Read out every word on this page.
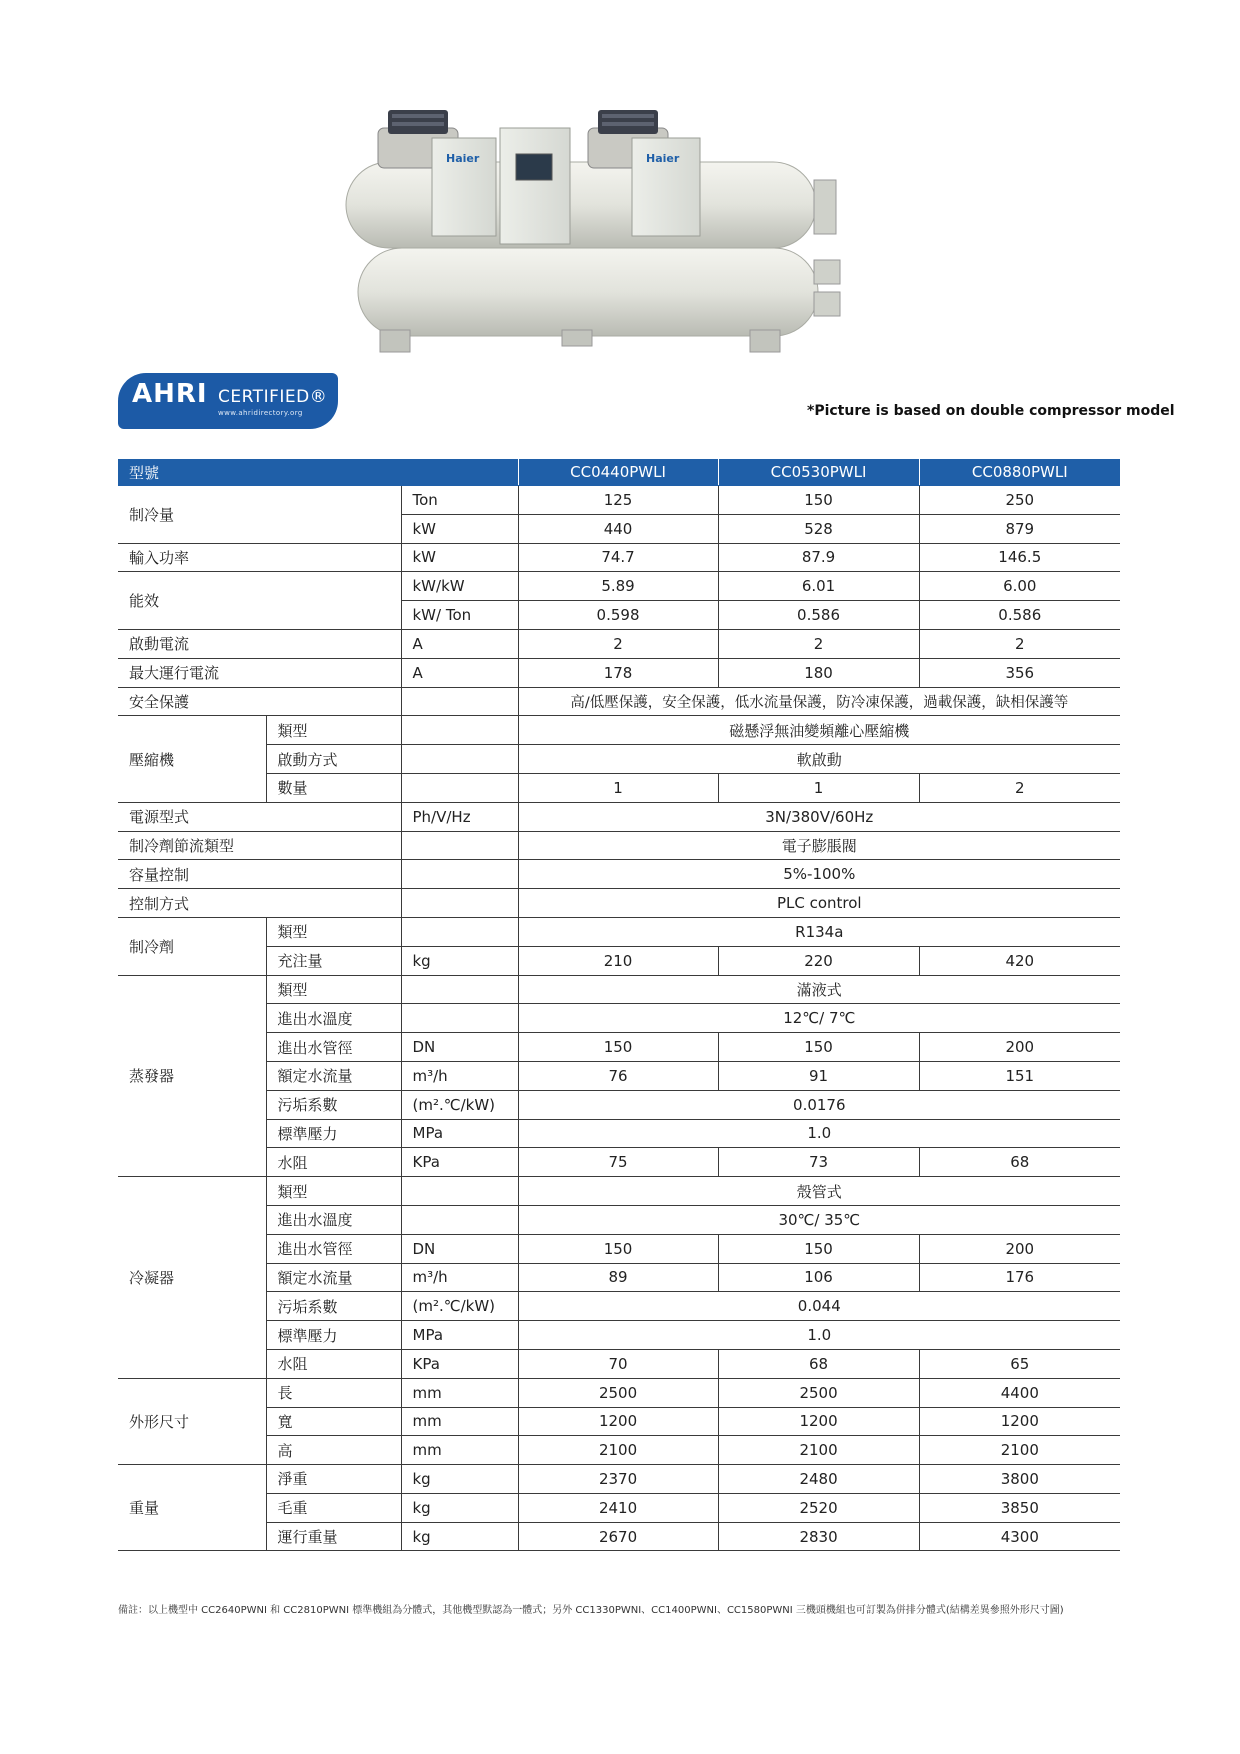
Haier	Haier
AHRI CERTIFIED®
www.ahridirectory.org	*Picture is based on double compressor model
型號			CC0440PWLI	CC0530PWLI	CC0880PWLI
制冷量		Ton	125	150	250
		kW	440	528	879
輸入功率		kW	74.7	87.9	146.5
能效		kW/kW	5.89	6.01	6.00
		kW/ Ton	0.598	0.586	0.586
啟動電流		A	2	2	2
最大運行電流		A	178	180	356
安全保護			高/低壓保護，安全保護，低水流量保護，防冷凍保護，過載保護，缺相保護等		
壓縮機	類型		磁懸浮無油變頻離心壓縮機		
	啟動方式		軟啟動		
	數量		1	1	2
電源型式		Ph/V/Hz	3N/380V/60Hz		
制冷劑節流類型			電子膨脹閥		
容量控制			5%-100%		
控制方式			PLC control		
制冷劑	類型		R134a		
	充注量	kg	210	220	420
蒸發器	類型		滿液式		
	進出水溫度		12℃/ 7℃		
	進出水管徑	DN	150	150	200
	額定水流量	m³/h	76	91	151
	污垢系數	(m².℃/kW)	0.0176		
	標準壓力	MPa	1.0		
	水阻	KPa	75	73	68
冷凝器	類型		殼管式		
	進出水溫度		30℃/ 35℃		
	進出水管徑	DN	150	150	200
	額定水流量	m³/h	89	106	176
	污垢系數	(m².℃/kW)	0.044		
	標準壓力	MPa	1.0		
	水阻	KPa	70	68	65
外形尺寸	長	mm	2500	2500	4400
	寬	mm	1200	1200	1200
	高	mm	2100	2100	2100
重量	淨重	kg	2370	2480	3800
	毛重	kg	2410	2520	3850
	運行重量	kg	2670	2830	4300
備註：以上機型中 CC2640PWNI 和 CC2810PWNI 標準機組為分體式，其他機型默認為一體式；另外 CC1330PWNI、CC1400PWNI、CC1580PWNI 三機頭機組也可訂製為併排分體式(結構差異參照外形尺寸圖)
